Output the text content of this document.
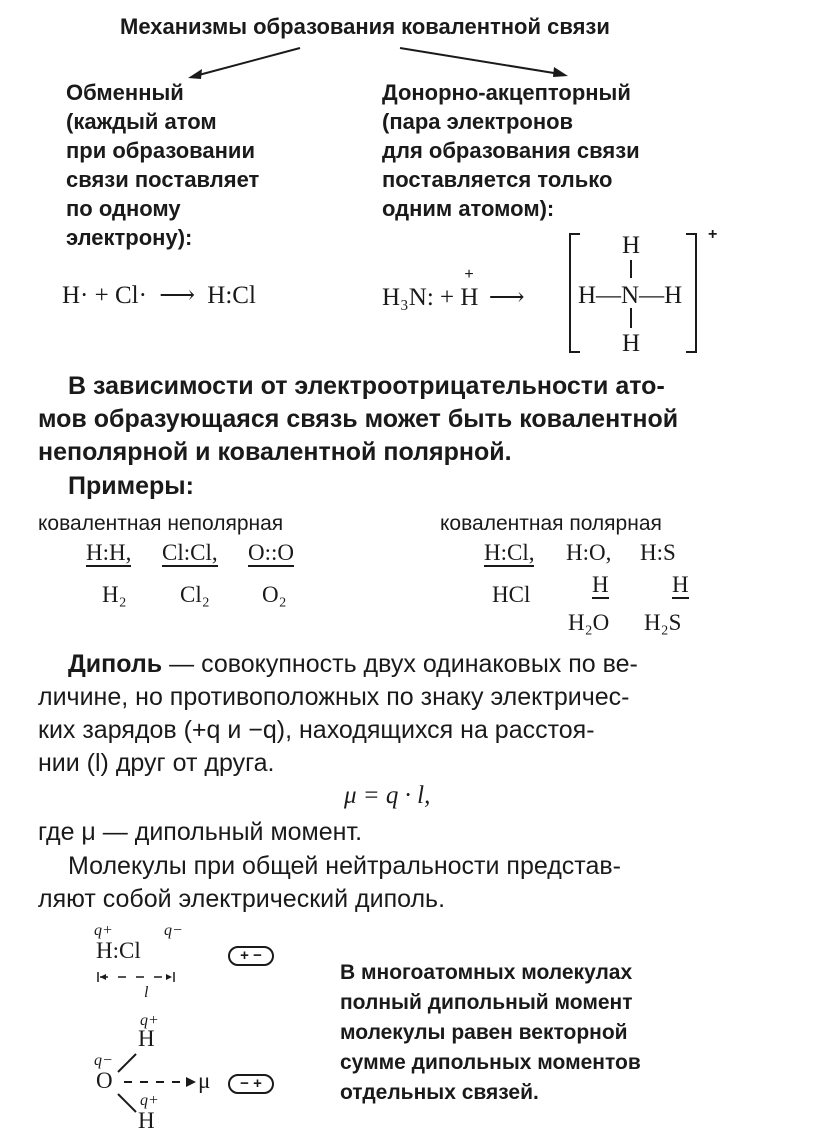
Механизмы образования ковалентной связи
Обменный
(каждый атом
при образовании
связи поставляет
по одному
электрону):
Донорно-акцепторный
(пара электронов
для образования связи
поставляется только
одним атомом):
H· + Cl· ⟶ H:Cl	H₃N: +
+
H ⟶
H
H—N—H
H
+
В зависимости от электроотрицательности ато-
мов образующаяся связь может быть ковалентной
неполярной и ковалентной полярной.
Примеры:
ковалентная неполярная	ковалентная полярная
H:H, Cl:Cl, O::O
H₂ Cl₂ O₂
H:Cl, H:O, H:S
H	H
HCl
H₂O H₂S
Диполь — совокупность двух одинаковых по ве-
личине, но противоположных по знаку электричес-
ких зарядов (+q и −q), находящихся на расстоя-
нии (l) друг от друга.
μ = q · l,
где μ — дипольный момент.
Молекулы при общей нейтральности представ-
ляют собой электрический диполь.
q+	q−
H:Cl
l
+ −
q+
H
q−
O	μ
q+
H
− +
В многоатомных молекулах
полный дипольный момент
молекулы равен векторной
сумме дипольных моментов
отдельных связей.
